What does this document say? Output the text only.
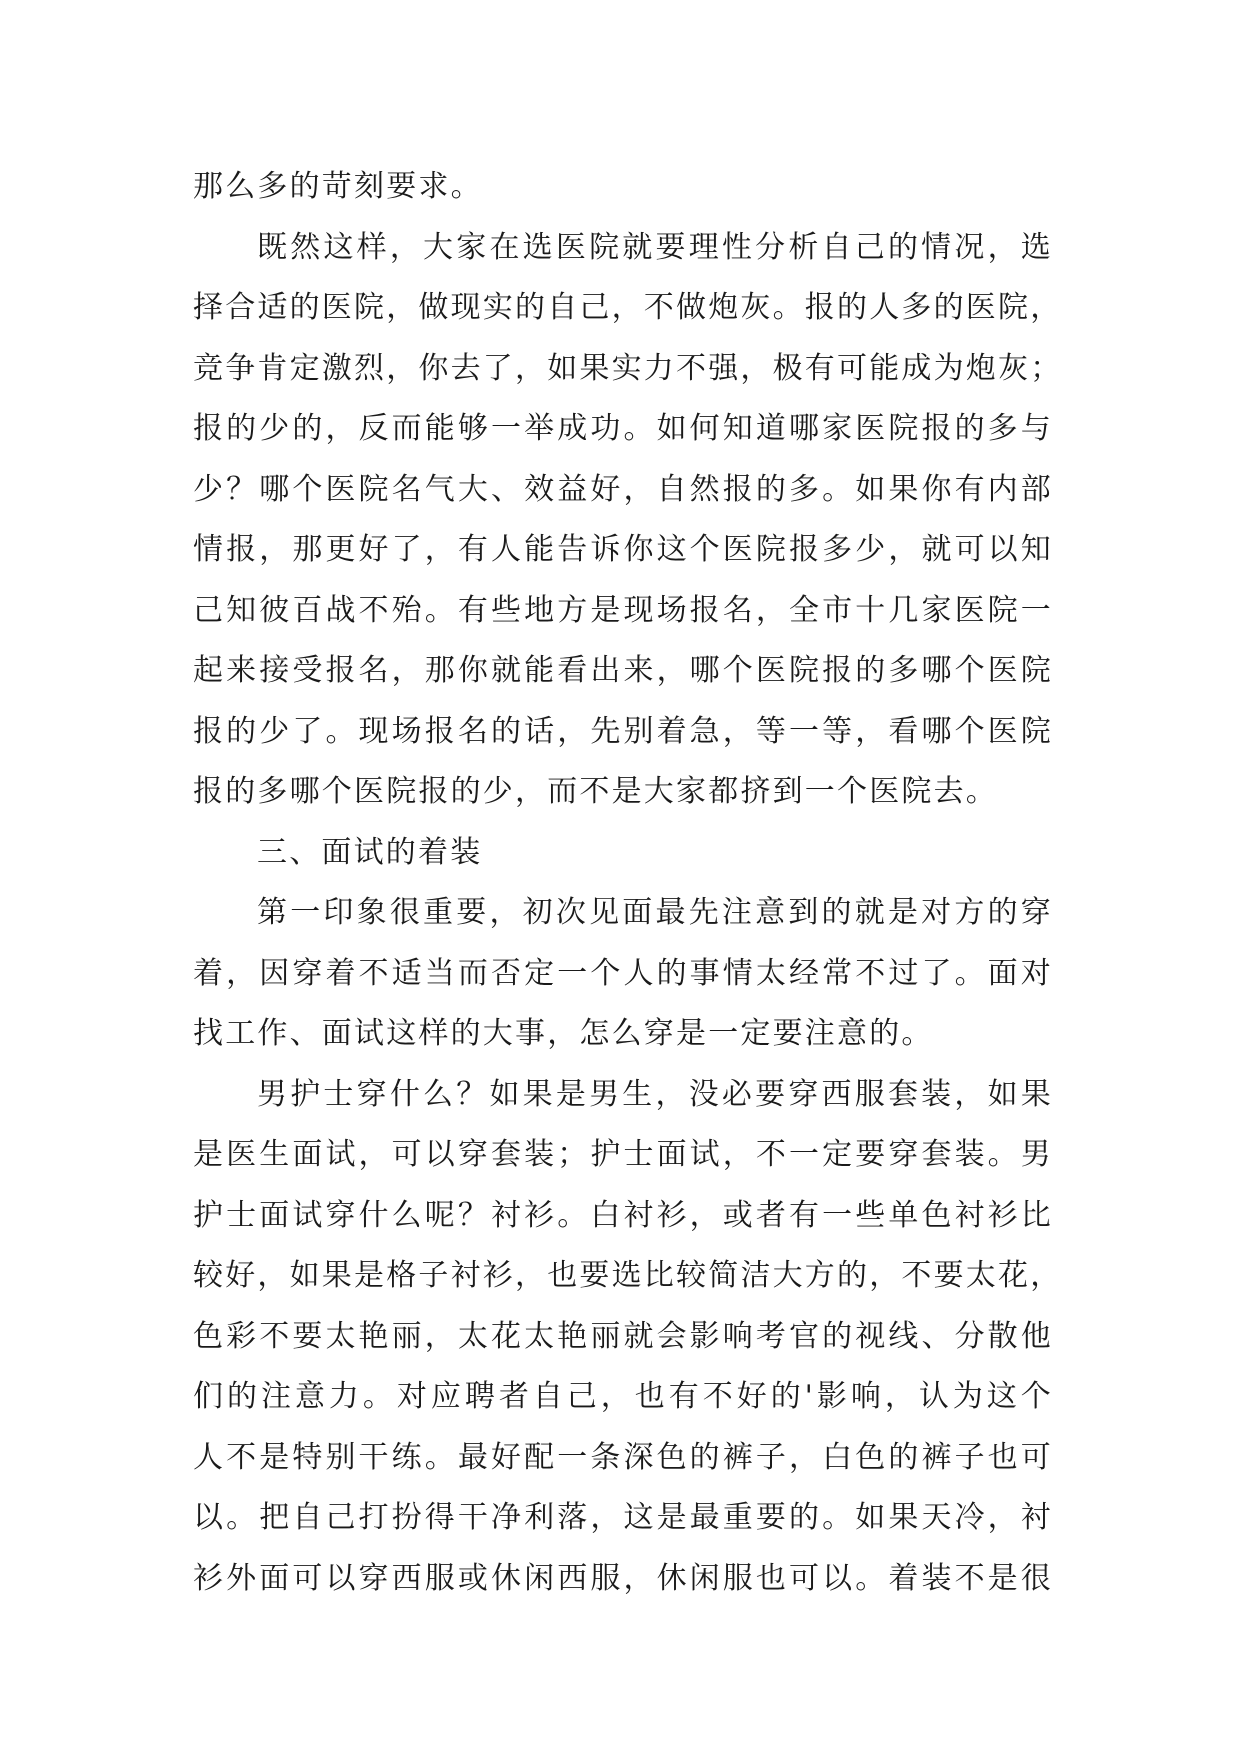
那么多的苛刻要求。
既然这样，大家在选医院就要理性分析自己的情况，选
择合适的医院，做现实的自己，不做炮灰。报的人多的医院，
竞争肯定激烈，你去了，如果实力不强，极有可能成为炮灰；
报的少的，反而能够一举成功。如何知道哪家医院报的多与
少？哪个医院名气大、效益好，自然报的多。如果你有内部
情报，那更好了，有人能告诉你这个医院报多少，就可以知
己知彼百战不殆。有些地方是现场报名，全市十几家医院一
起来接受报名，那你就能看出来，哪个医院报的多哪个医院
报的少了。现场报名的话，先别着急，等一等，看哪个医院
报的多哪个医院报的少，而不是大家都挤到一个医院去。
三、面试的着装
第一印象很重要，初次见面最先注意到的就是对方的穿
着，因穿着不适当而否定一个人的事情太经常不过了。面对
找工作、面试这样的大事，怎么穿是一定要注意的。
男护士穿什么？如果是男生，没必要穿西服套装，如果
是医生面试，可以穿套装；护士面试，不一定要穿套装。男
护士面试穿什么呢？衬衫。白衬衫，或者有一些单色衬衫比
较好，如果是格子衬衫，也要选比较简洁大方的，不要太花，
色彩不要太艳丽，太花太艳丽就会影响考官的视线、分散他
们的注意力。对应聘者自己，也有不好的'影响，认为这个
人不是特别干练。最好配一条深色的裤子，白色的裤子也可
以。把自己打扮得干净利落，这是最重要的。如果天冷，衬
衫外面可以穿西服或休闲西服，休闲服也可以。着装不是很
